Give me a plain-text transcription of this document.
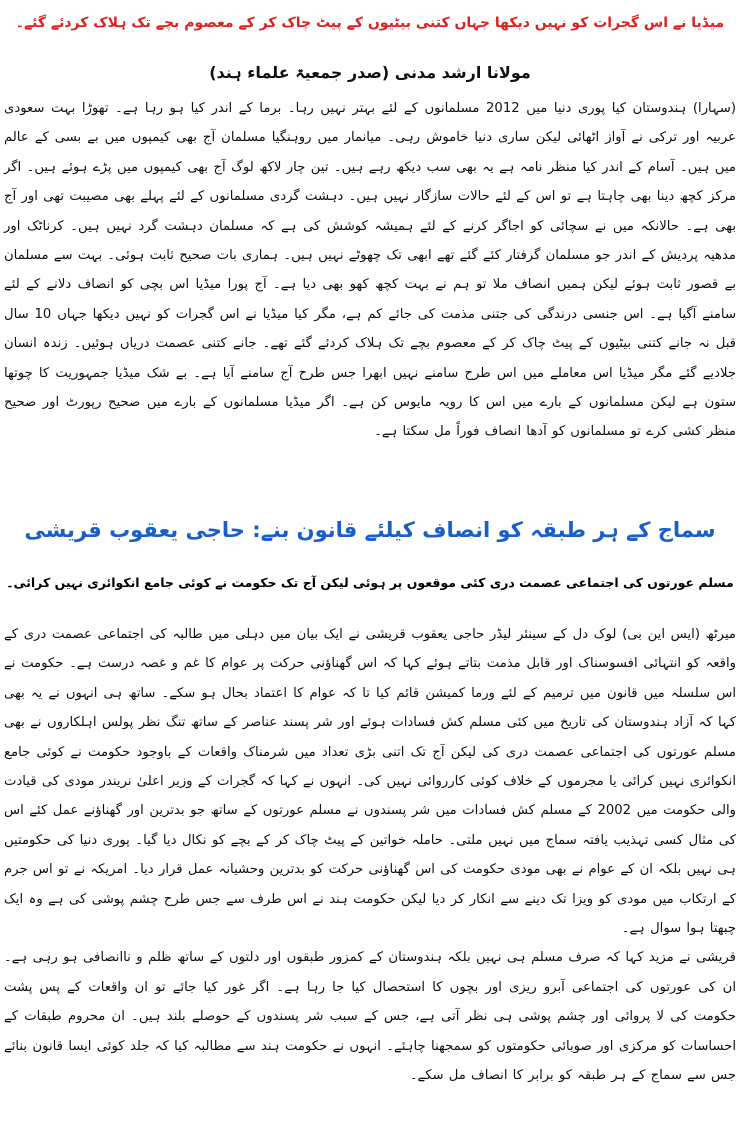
میڈیا نے اس گجرات کو نہیں دیکھا جہاں کتنی بیٹیوں کے پیٹ چاک کر کے معصوم بچے تک ہلاک کردئے گئے۔
مولانا ارشد مدنی (صدر جمعیۃ علماء ہند)

(سہارا) ہندوستان کیا پوری دنیا میں 2012 مسلمانوں کے لئے بہتر نہیں رہا۔ برما کے اندر کیا ہو رہا ہے۔ تھوڑا بہت سعودی عربیہ اور ترکی نے آواز اٹھائی لیکن ساری دنیا خاموش رہی۔ میانمار میں روہنگیا مسلمان آج بھی کیمپوں میں بے بسی کے عالم میں ہیں۔ آسام کے اندر کیا منظر نامہ ہے یہ بھی سب دیکھ رہے ہیں۔ تین چار لاکھ لوگ آج بھی کیمپوں میں پڑے ہوئے ہیں۔ اگر مرکز کچھ دینا بھی چاہتا ہے تو اس کے لئے حالات سازگار نہیں ہیں۔ دہشت گردی مسلمانوں کے لئے پہلے بھی مصیبت تھی اور آج بھی ہے۔ حالانکہ میں نے سچائی کو اجاگر کرنے کے لئے ہمیشہ کوشش کی ہے کہ مسلمان دہشت گرد نہیں ہیں۔ کرناٹک اور مدھیہ پردیش کے اندر جو مسلمان گرفتار کئے گئے تھے ابھی تک چھوٹے نہیں ہیں۔ ہماری بات صحیح ثابت ہوئی۔ بہت سے مسلمان بے قصور ثابت ہوئے لیکن ہمیں انصاف ملا تو ہم نے بہت کچھ کھو بھی دیا ہے۔ آج پورا میڈیا اس بچی کو انصاف دلانے کے لئے سامنے آگیا ہے۔ اس جنسی درندگی کی جتنی مذمت کی جائے کم ہے، مگر کیا میڈیا نے اس گجرات کو نہیں دیکھا جہاں 10 سال قبل نہ جانے کتنی بیٹیوں کے پیٹ چاک کر کے معصوم بچے تک ہلاک کردئے گئے تھے۔ جانے کتنی عصمت دریاں ہوئیں۔ زندہ انسان جلادیے گئے مگر میڈیا اس معاملے میں اس طرح سامنے نہیں ابھرا جس طرح آج سامنے آیا ہے۔ بے شک میڈیا جمہوریت کا چوتھا ستون ہے لیکن مسلمانوں کے بارے میں اس کا رویہ مایوس کن ہے۔ اگر میڈیا مسلمانوں کے بارے میں صحیح رپورٹ اور صحیح منظر کشی کرے تو مسلمانوں کو آدھا انصاف فوراً مل سکتا ہے۔

سماج کے ہر طبقہ کو انصاف کیلئے قانون بنے: حاجی یعقوب قریشی
مسلم عورتوں کی اجتماعی عصمت دری کئی موقعوں پر ہوئی لیکن آج تک حکومت نے کوئی جامع انکوائری نہیں کرائی۔

میرٹھ (ایس این بی) لوک دل کے سینئر لیڈر حاجی یعقوب قریشی نے ایک بیان میں دہلی میں طالبہ کی اجتماعی عصمت دری کے واقعہ کو انتہائی افسوسناک اور قابل مذمت بتاتے ہوئے کہا کہ اس گھناؤنی حرکت پر عوام کا غم و غصہ درست ہے۔ حکومت نے اس سلسلہ میں قانون میں ترمیم کے لئے ورما کمیشن قائم کیا تا کہ عوام کا اعتماد بحال ہو سکے۔ ساتھ ہی انہوں نے یہ بھی کہا کہ آزاد ہندوستان کی تاریخ میں کئی مسلم کش فسادات ہوئے اور شر پسند عناصر کے ساتھ تنگ نظر پولس اہلکاروں نے بھی مسلم عورتوں کی اجتماعی عصمت دری کی لیکن آج تک اتنی بڑی تعداد میں شرمناک واقعات کے باوجود حکومت نے کوئی جامع انکوائری نہیں کرائی یا مجرموں کے خلاف کوئی کارروائی نہیں کی۔ انہوں نے کہا کہ گجرات کے وزیر اعلیٰ نریندر مودی کی قیادت والی حکومت میں 2002 کے مسلم کش فسادات میں شر پسندوں نے مسلم عورتوں کے ساتھ جو بدترین اور گھناؤنے عمل کئے اس کی مثال کسی تہذیب یافتہ سماج میں نہیں ملتی۔ حاملہ خواتین کے پیٹ چاک کر کے بچے کو نکال دیا گیا۔ پوری دنیا کی حکومتیں ہی نہیں بلکہ ان کے عوام نے بھی مودی حکومت کی اس گھناؤنی حرکت کو بدترین وحشیانہ عمل قرار دیا۔ امریکہ نے تو اس جرم کے ارتکاب میں مودی کو ویزا تک دینے سے انکار کر دیا لیکن حکومت ہند نے اس طرف سے جس طرح چشم پوشی کی ہے وہ ایک چبھتا ہوا سوال ہے۔

قریشی نے مزید کہا کہ صرف مسلم ہی نہیں بلکہ ہندوستان کے کمزور طبقوں اور دلتوں کے ساتھ ظلم و ناانصافی ہو رہی ہے۔ ان کی عورتوں کی اجتماعی آبرو ریزی اور بچوں کا استحصال کیا جا رہا ہے۔ اگر غور کیا جائے تو ان واقعات کے پس پشت حکومت کی لا پروائی اور چشم پوشی ہی نظر آتی ہے، جس کے سبب شر پسندوں کے حوصلے بلند ہیں۔ ان محروم طبقات کے احساسات کو مرکزی اور صوبائی حکومتوں کو سمجھنا چاہئے۔ انہوں نے حکومت ہند سے مطالبہ کیا کہ جلد کوئی ایسا قانون بنائے جس سے سماج کے ہر طبقہ کو برابر کا انصاف مل سکے۔
